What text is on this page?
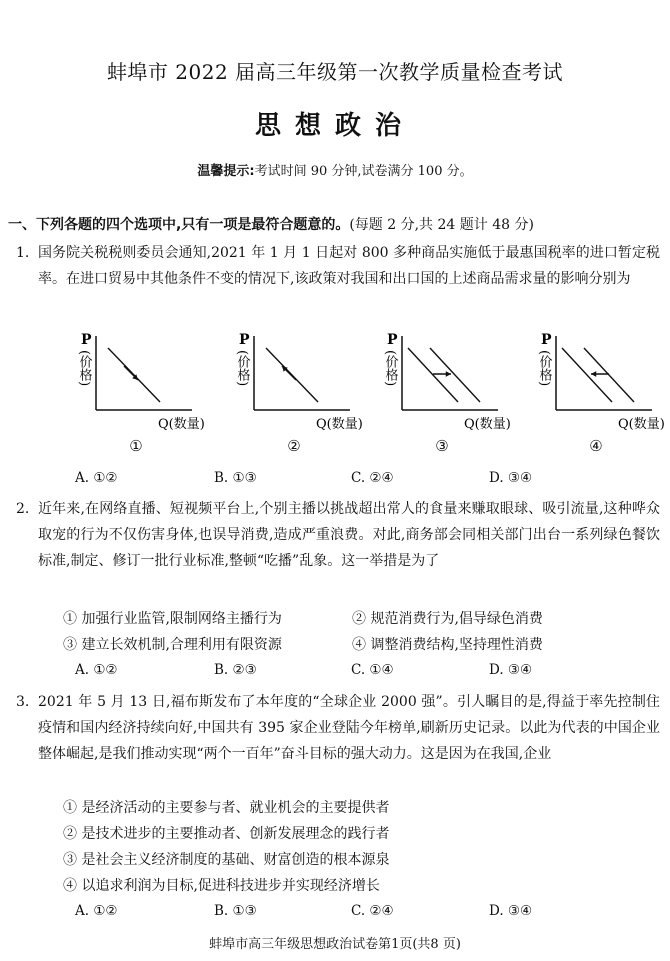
蚌埠市 2022 届高三年级第一次教学质量检查考试
思想政治
温馨提示:考试时间 90 分钟,试卷满分 100 分。
一、下列各题的四个选项中,只有一项是最符合题意的。(每题 2 分,共 24 题计 48 分)
1. 国务院关税税则委员会通知,2021 年 1 月 1 日起对 800 多种商品实施低于最惠国税率的进口暂定税率。在进口贸易中其他条件不变的情况下,该政策对我国和出口国的上述商品需求量的影响分别为
P
(价格)
Q(数量)
①
P
(价格)
Q(数量)
②
P
(价格)
Q(数量)
③
P
(价格)
Q(数量)
④
A. ①②	B. ①③	C. ②④	D. ③④
2. 近年来,在网络直播、短视频平台上,个别主播以挑战超出常人的食量来赚取眼球、吸引流量,这种哗众取宠的行为不仅伤害身体,也误导消费,造成严重浪费。对此,商务部会同相关部门出台一系列绿色餐饮标准,制定、修订一批行业标准,整顿“吃播”乱象。这一举措是为了
① 加强行业监管,限制网络主播行为	② 规范消费行为,倡导绿色消费
③ 建立长效机制,合理利用有限资源	④ 调整消费结构,坚持理性消费
A. ①②	B. ②③	C. ①④	D. ③④
3. 2021 年 5 月 13 日,福布斯发布了本年度的“全球企业 2000 强”。引人瞩目的是,得益于率先控制住疫情和国内经济持续向好,中国共有 395 家企业登陆今年榜单,刷新历史记录。以此为代表的中国企业整体崛起,是我们推动实现“两个一百年”奋斗目标的强大动力。这是因为在我国,企业
① 是经济活动的主要参与者、就业机会的主要提供者
② 是技术进步的主要推动者、创新发展理念的践行者
③ 是社会主义经济制度的基础、财富创造的根本源泉
④ 以追求利润为目标,促进科技进步并实现经济增长
A. ①②	B. ①③	C. ②④	D. ③④
蚌埠市高三年级思想政治试卷第1页(共8 页)
